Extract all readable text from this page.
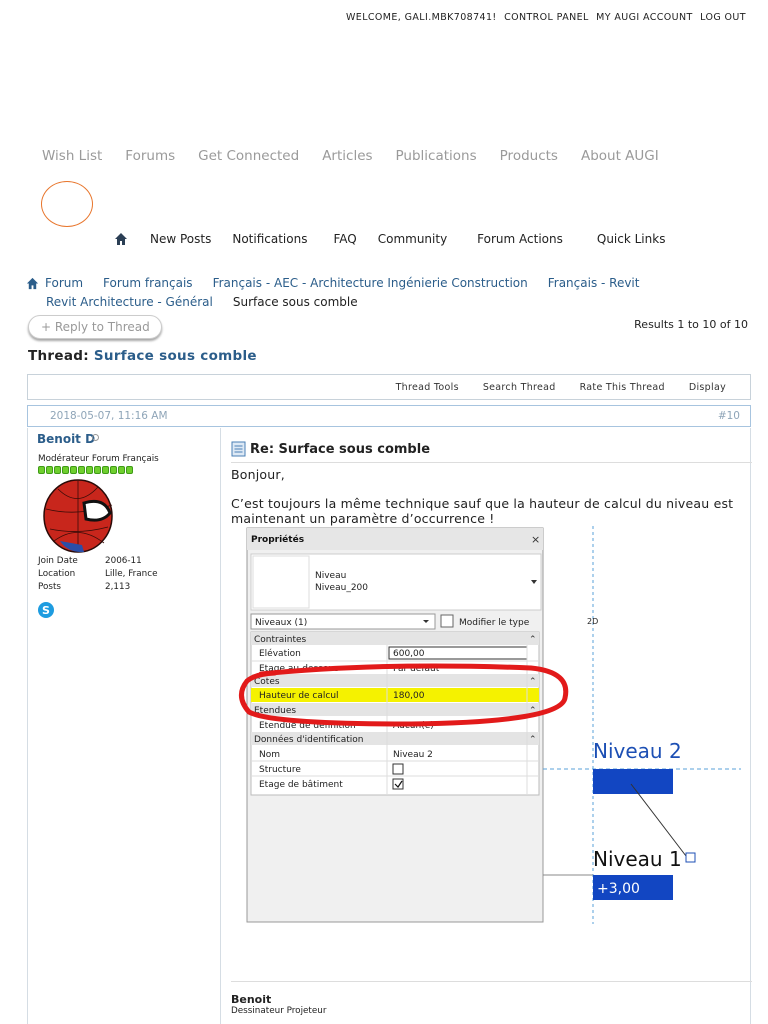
WELCOME, GALI.MBK708741! CONTROL PANEL MY AUGI ACCOUNT LOG OUT
Wish List Forums Get Connected Articles Publications Products About AUGI
New Posts Notifications FAQ Community	Forum Actions	Quick Links
Forum Forum français Français - AEC - Architecture Ingénierie Construction Français - Revit
Revit Architecture - Général Surface sous comble
+ Reply to Thread	Results 1 to 10 of 10
Thread: Surface sous comble
Thread Tools	Search Thread	Rate This Thread	Display
2018-05-07, 11:16 AM	#10
Benoit D
Modérateur Forum Français
Join Date	2006-11
Location	Lille, France
Posts	2,113
S
Re: Surface sous comble

Bonjour,

C’est toujours la même technique sauf que la hauteur de calcul du niveau est maintenant un paramètre d’occurrence !

Propriétés	×
Niveau
Niveau_200
Niveaux (1)	Modifier le type
Contraintes	⌃
Elévation	600,00
Etage au-dessous	Par défaut
Cotes	⌃
Hauteur de calcul	180,00
Etendues	⌃
Etendue de définition	Aucun(e)
Données d'identification	⌃
Nom	Niveau 2
Structure
Etage de bâtiment
2D
Niveau 2
Niveau 1
+3,00
Benoit
Dessinateur Projeteur
